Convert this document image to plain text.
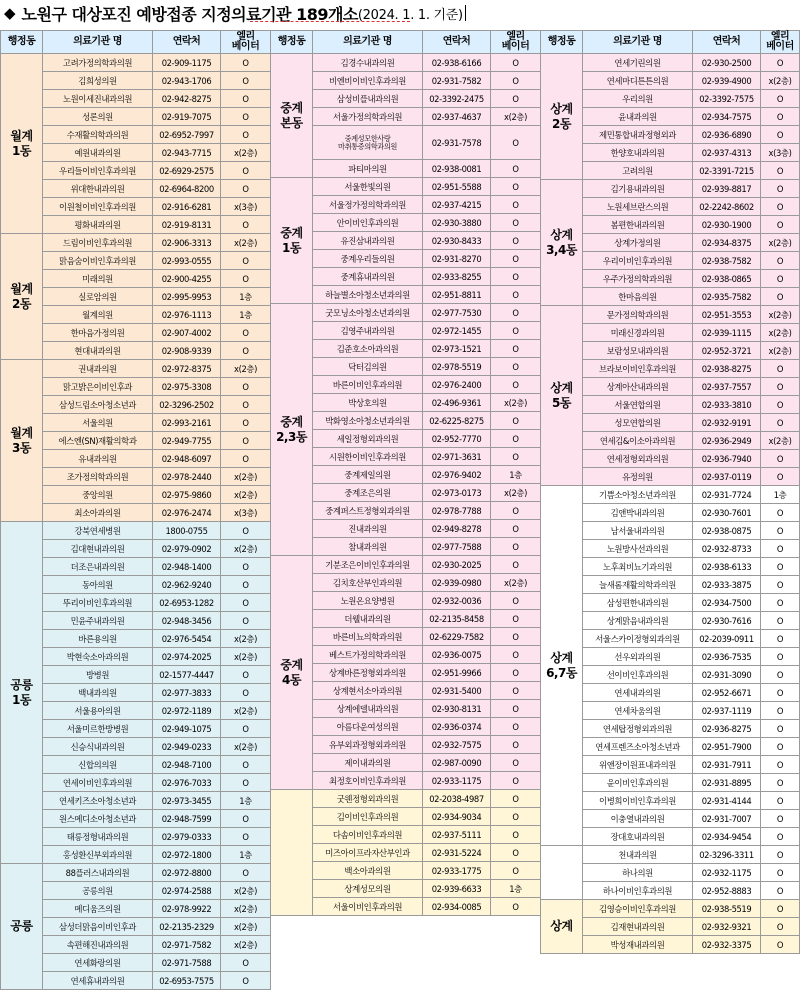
◆ 노원구 대상포진 예방접종 지정의료기관 189개소 (2024. 1. 1. 기준)
행정동	의료기관 명	연락처	엘리
베이터
월계
1동	고려가정의학과의원	02-909-1175	O
	김희성의원	02-943-1706	O
	노원이세진내과의원	02-942-8275	O
	성론의원	02-919-7075	O
	수재활의학과의원	02-6952-7997	O
	예원내과의원	02-943-7715	x(2층)
	우리들이비인후과의원	02-6929-2575	O
	위대한내과의원	02-6964-8200	O
	이원철이비인후과의원	02-916-6281	x(3층)
	평화내과의원	02-919-8131	O
월계
2동	드림이비인후과의원	02-906-3313	x(2층)
	맑음숨이비인후과의원	02-993-0555	O
	미래의원	02-900-4255	O
	실로암의원	02-995-9953	1층
	월계의원	02-976-1113	1층
	한마음가정의원	02-907-4002	O
	현대내과의원	02-908-9339	O
월계
3동	권내과의원	02-972-8375	x(2층)
	맑고밝은이비인후과	02-975-3308	O
	삼성드림소아청소년과	02-3296-2502	O
	서울의원	02-993-2161	O
	에스엔(SN)재활의학과	02-949-7755	O
	유내과의원	02-948-6097	O
	조가정의학과의원	02-978-2440	x(2층)
	중앙의원	02-975-9860	x(2층)
	최소아과의원	02-976-2474	x(3층)
공릉
1동	강북연세병원	1800-0755	O
	김대현내과의원	02-979-0902	x(2층)
	더조은내과의원	02-948-1400	O
	동아의원	02-962-9240	O
	뚜리이비인후과의원	02-6953-1282	O
	민윤주내과의원	02-948-3456	O
	바른용의원	02-976-5454	x(2층)
	박현숙소아과의원	02-974-2025	x(2층)
	방병원	02-1577-4447	O
	백내과의원	02-977-3833	O
	서울용아의원	02-972-1189	x(2층)
	서울미르한방병원	02-949-1075	O
	신승식내과의원	02-949-0233	x(2층)
	신합의의원	02-948-7100	O
	연세이비인후과의원	02-976-7033	O
	연세키즈소아청소년과	02-973-3455	1층
	원스메디소아청소년과	02-948-7599	O
	태릉정형내과의원	02-979-0333	O
	홍성환신부외과의원	02-972-1800	1층
공릉	88플러스내과의원	02-972-8800	O
	공릉의원	02-974-2588	x(2층)
	메디움즈의원	02-978-9922	x(2층)
	삼성더맑음이비인후과	02-2135-2329	x(2층)
	속편해진내과의원	02-971-7582	x(2층)
	연세화랑의원	02-971-7588	O
	연세휴내과의원	02-6953-7575	O
행정동	의료기관 명	연락처	엘리
베이터
중계
본동	김경수내과의원	02-938-6166	O
	비엔비이비인후과의원	02-931-7582	O
	삼성비플내과의원	02-3392-2475	O
	서울가정의학과의원	02-937-4637	x(2층)
	중계성모한사랑
마취통증의학과의원	02-931-7578	O
	파티마의원	02-938-0081	O
중계
1동	서울한빛의원	02-951-5588	O
	서울정가정의학과의원	02-937-4215	O
	안이비인후과의원	02-930-3880	O
	유진삼내과의원	02-930-8433	O
	중계우리들의원	02-931-8270	O
	중계휴내과의원	02-933-8255	O
	하늘별소아청소년과의원	02-951-8811	O
중계
2,3동	굿모닝소아청소년과의원	02-977-7530	O
	김영주내과의원	02-972-1455	O
	김준호소아과의원	02-973-1521	O
	닥터김의원	02-978-5519	O
	바른이비인후과의원	02-976-2400	O
	박상호의원	02-496-9361	x(2층)
	박화영소아청소년과의원	02-6225-8275	O
	세일정형외과의원	02-952-7770	O
	시원한이비인후과의원	02-971-3631	O
	중계제일의원	02-976-9402	1층
	중계조은의원	02-973-0173	x(2층)
	중계퍼스트정형외과의원	02-978-7788	O
	진내과의원	02-949-8278	O
	참내과의원	02-977-7588	O
중계
4동	기분조은이비인후과의원	02-930-2025	O
	김치호산부인과의원	02-939-0980	x(2층)
	노원온요양병원	02-932-0036	O
	더웰내과의원	02-2135-8458	O
	바른비뇨의학과의원	02-6229-7582	O
	베스트가정의학과의원	02-936-0075	O
	상계바른정형외과의원	02-951-9966	O
	상계현서소아과의원	02-931-5400	O
	상계에델내과의원	02-930-8131	O
	아름다운여성의원	02-936-0374	O
	유부외과정형외과의원	02-932-7575	O
	제이내과의원	02-987-0090	O
	최정호이비인후과의원	02-933-1175	O
	굿웬정형외과의원	02-2038-4987	O
	김이비인후과의원	02-934-9034	O
	다솜이비인후과의원	02-937-5111	O
	미즈아이프라자산부인과	02-931-5224	O
	백소아과의원	02-933-1775	O
	상계성모의원	02-939-6633	1층
	서울이비인후과의원	02-934-0085	O
행정동	의료기관 명	연락처	엘리
베이터
상계
2동	연세기린의원	02-930-2500	O
	연세마디튼튼의원	02-939-4900	x(2층)
	우리의원	02-3392-7575	O
	윤내과의원	02-934-7575	O
	제민통합내과정형외과	02-936-6890	O
	한양호내과의원	02-937-4313	x(3층)
	고려의원	02-3391-7215	O
상계
3,4동	김기용내과의원	02-939-8817	O
	노원세브란스의원	02-2242-8602	O
	봄편한내과의원	02-930-1900	O
	상계가정의원	02-934-8375	x(2층)
	우리이비인후과의원	02-938-7582	O
	우주가정의학과의원	02-938-0865	O
	한마음의원	02-935-7582	O
상계
5동	문가정의학과의원	02-951-3553	x(2층)
	미래신경과의원	02-939-1115	x(2층)
	보람성모내과의원	02-952-3721	x(2층)
	브라보이비인후과의원	02-938-8275	O
	상계아산내과의원	02-937-7557	O
	서울연합의원	02-933-3810	O
	성모연합의원	02-932-9191	O
	연세김&이소아과의원	02-936-2949	x(2층)
	연세정형외과의원	02-936-7940	O
	유정의원	02-937-0119	O
상계
6,7동	기쁨소아청소년과의원	02-931-7724	1층
	김앤박내과의원	02-930-7601	O
	남서울내과의원	02-938-0875	O
	노원방사선과의원	02-932-8733	O
	노후최비뇨기과의원	02-938-6133	O
	늘새롬재활의학과의원	02-933-3875	O
	삼성편한내과의원	02-934-7500	O
	상계맑음내과의원	02-930-7616	O
	서울스카이정형외과의원	02-2039-0911	O
	선우외과의원	02-936-7535	O
	선이비인후과의원	02-931-3090	O
	연세내과의원	02-952-6671	O
	연세차움의원	02-937-1119	O
	연세탑정형외과의원	02-936-8275	O
	연세프렌즈소아청소년과	02-951-7900	O
	위앤장이원표내과의원	02-931-7911	O
	윤이비인후과의원	02-931-8895	O
	이병희이비인후과의원	02-931-4144	O
	이충열내과의원	02-931-7007	O
	장대호내과의원	02-934-9454	O
	천내과의원	02-3296-3311	O
	하나의원	02-932-1175	O
	하나이비인후과의원	02-952-8883	O
상계	김영승이비인후과의원	02-938-5519	O
	김재현내과의원	02-932-9321	O
	박성재내과의원	02-932-3375	O
